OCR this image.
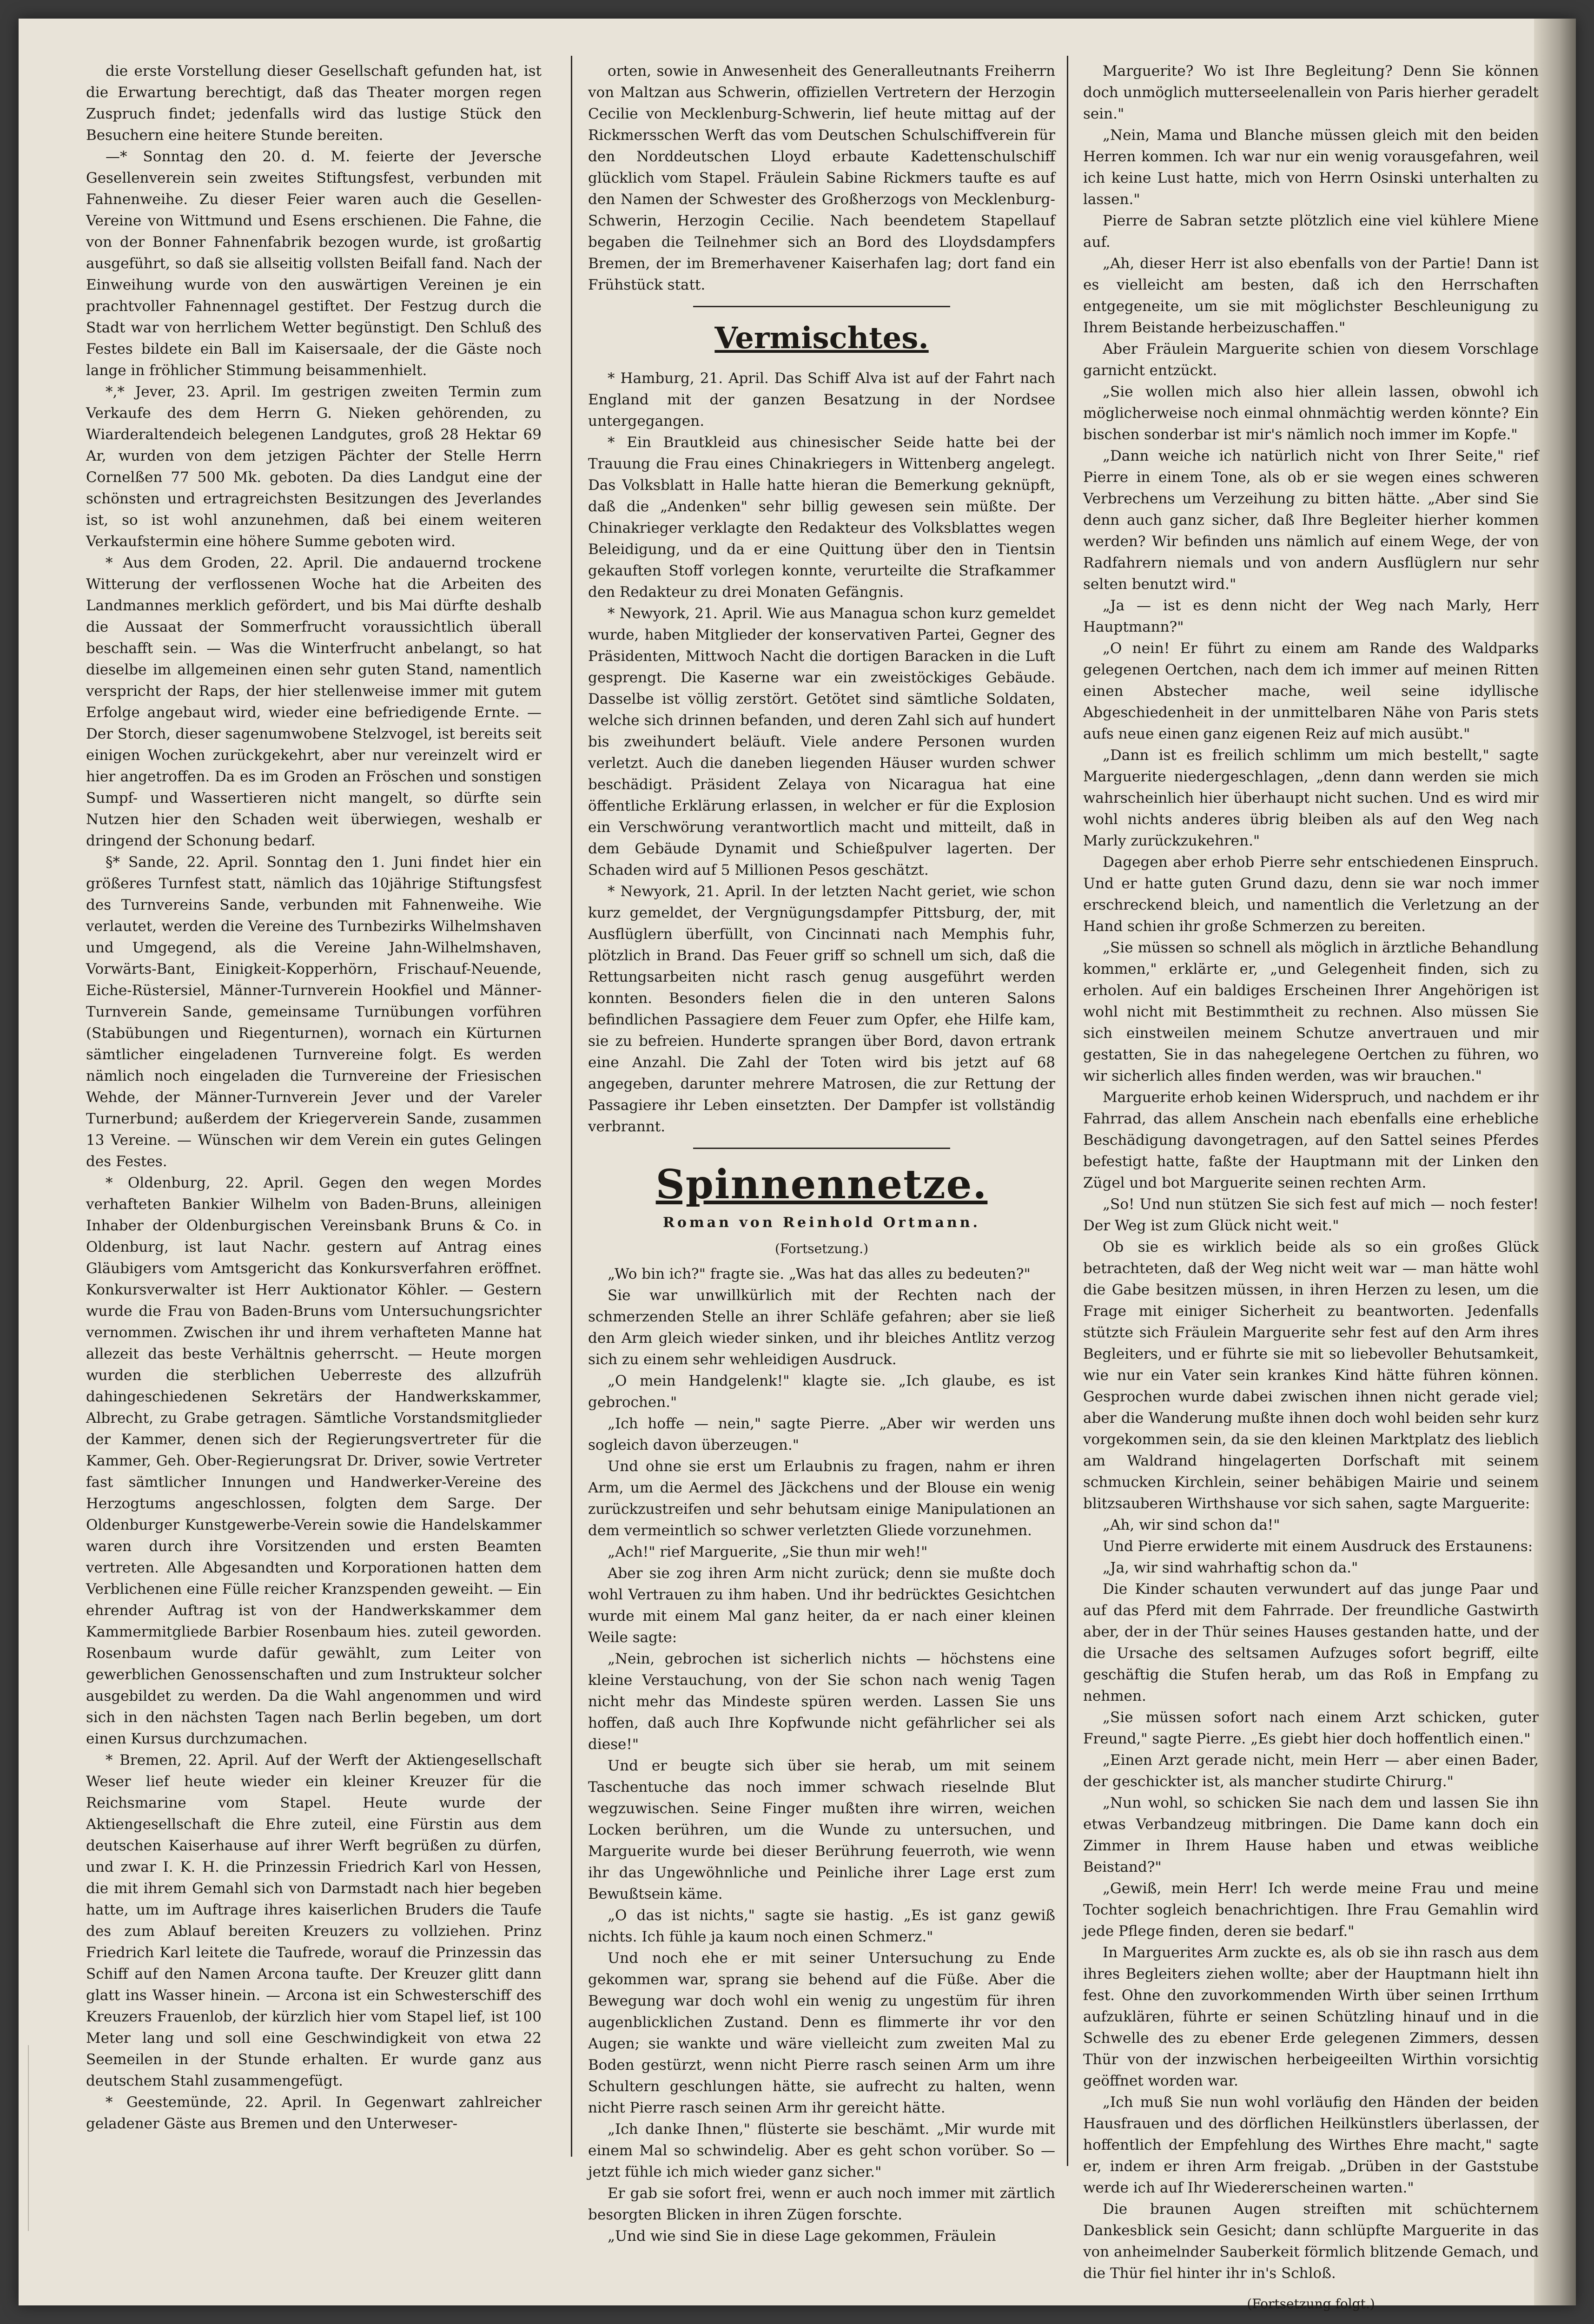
die erste Vorstellung dieser Gesellschaft gefunden hat, ist die Erwartung berechtigt, daß das Theater morgen regen Zuspruch findet; jedenfalls wird das lustige Stück den Besuchern eine heitere Stunde bereiten.

—* Sonntag den 20. d. M. feierte der Jeversche Gesellenverein sein zweites Stiftungsfest, verbunden mit Fahnenweihe. Zu dieser Feier waren auch die Gesellen-Vereine von Wittmund und Esens erschienen. Die Fahne, die von der Bonner Fahnenfabrik bezogen wurde, ist großartig ausgeführt, so daß sie allseitig vollsten Beifall fand. Nach der Einweihung wurde von den auswärtigen Vereinen je ein prachtvoller Fahnennagel gestiftet. Der Festzug durch die Stadt war von herrlichem Wetter begünstigt. Den Schluß des Festes bildete ein Ball im Kaisersaale, der die Gäste noch lange in fröhlicher Stimmung beisammenhielt.

*,* Jever, 23. April. Im gestrigen zweiten Termin zum Verkaufe des dem Herrn G. Nieken gehörenden, zu Wiarderaltendeich belegenen Landgutes, groß 28 Hektar 69 Ar, wurden von dem jetzigen Pächter der Stelle Herrn Cornelßen 77 500 Mk. geboten. Da dies Landgut eine der schönsten und ertragreichsten Besitzungen des Jeverlandes ist, so ist wohl anzunehmen, daß bei einem weiteren Verkaufstermin eine höhere Summe geboten wird.

* Aus dem Groden, 22. April. Die andauernd trockene Witterung der verflossenen Woche hat die Arbeiten des Landmannes merklich gefördert, und bis Mai dürfte deshalb die Aussaat der Sommerfrucht voraussichtlich überall beschafft sein. — Was die Winterfrucht anbelangt, so hat dieselbe im allgemeinen einen sehr guten Stand, namentlich verspricht der Raps, der hier stellenweise immer mit gutem Erfolge angebaut wird, wieder eine befriedigende Ernte. — Der Storch, dieser sagenumwobene Stelzvogel, ist bereits seit einigen Wochen zurückgekehrt, aber nur vereinzelt wird er hier angetroffen. Da es im Groden an Fröschen und sonstigen Sumpf- und Wassertieren nicht mangelt, so dürfte sein Nutzen hier den Schaden weit überwiegen, weshalb er dringend der Schonung bedarf.

§* Sande, 22. April. Sonntag den 1. Juni findet hier ein größeres Turnfest statt, nämlich das 10jährige Stiftungsfest des Turnvereins Sande, verbunden mit Fahnenweihe. Wie verlautet, werden die Vereine des Turnbezirks Wilhelmshaven und Umgegend, als die Vereine Jahn-Wilhelmshaven, Vorwärts-Bant, Einigkeit-Kopperhörn, Frischauf-Neuende, Eiche-Rüstersiel, Männer-Turnverein Hookfiel und Männer-Turnverein Sande, gemeinsame Turnübungen vorführen (Stabübungen und Riegenturnen), wornach ein Kürturnen sämtlicher eingeladenen Turnvereine folgt. Es werden nämlich noch eingeladen die Turnvereine der Friesischen Wehde, der Männer-Turnverein Jever und der Vareler Turnerbund; außerdem der Kriegerverein Sande, zusammen 13 Vereine. — Wünschen wir dem Verein ein gutes Gelingen des Festes.

* Oldenburg, 22. April. Gegen den wegen Mordes verhafteten Bankier Wilhelm von Baden-Bruns, alleinigen Inhaber der Oldenburgischen Vereinsbank Bruns & Co. in Oldenburg, ist laut Nachr. gestern auf Antrag eines Gläubigers vom Amtsgericht das Konkursverfahren eröffnet. Konkursverwalter ist Herr Auktionator Köhler. — Gestern wurde die Frau von Baden-Bruns vom Untersuchungsrichter vernommen. Zwischen ihr und ihrem verhafteten Manne hat allezeit das beste Verhältnis geherrscht. — Heute morgen wurden die sterblichen Ueberreste des allzufrüh dahingeschiedenen Sekretärs der Handwerkskammer, Albrecht, zu Grabe getragen. Sämtliche Vorstandsmitglieder der Kammer, denen sich der Regierungsvertreter für die Kammer, Geh. Ober-Regierungsrat Dr. Driver, sowie Vertreter fast sämtlicher Innungen und Handwerker-Vereine des Herzogtums angeschlossen, folgten dem Sarge. Der Oldenburger Kunstgewerbe-Verein sowie die Handelskammer waren durch ihre Vorsitzenden und ersten Beamten vertreten. Alle Abgesandten und Korporationen hatten dem Verblichenen eine Fülle reicher Kranzspenden geweiht. — Ein ehrender Auftrag ist von der Handwerkskammer dem Kammermitgliede Barbier Rosenbaum hies. zuteil geworden. Rosenbaum wurde dafür gewählt, zum Leiter von gewerblichen Genossenschaften und zum Instrukteur solcher ausgebildet zu werden. Da die Wahl angenommen und wird sich in den nächsten Tagen nach Berlin begeben, um dort einen Kursus durchzumachen.

* Bremen, 22. April. Auf der Werft der Aktiengesellschaft Weser lief heute wieder ein kleiner Kreuzer für die Reichsmarine vom Stapel. Heute wurde der Aktiengesellschaft die Ehre zuteil, eine Fürstin aus dem deutschen Kaiserhause auf ihrer Werft begrüßen zu dürfen, und zwar I. K. H. die Prinzessin Friedrich Karl von Hessen, die mit ihrem Gemahl sich von Darmstadt nach hier begeben hatte, um im Auftrage ihres kaiserlichen Bruders die Taufe des zum Ablauf bereiten Kreuzers zu vollziehen. Prinz Friedrich Karl leitete die Taufrede, worauf die Prinzessin das Schiff auf den Namen Arcona taufte. Der Kreuzer glitt dann glatt ins Wasser hinein. — Arcona ist ein Schwesterschiff des Kreuzers Frauenlob, der kürzlich hier vom Stapel lief, ist 100 Meter lang und soll eine Geschwindigkeit von etwa 22 Seemeilen in der Stunde erhalten. Er wurde ganz aus deutschem Stahl zusammengefügt.

* Geestemünde, 22. April. In Gegenwart zahlreicher geladener Gäste aus Bremen und den Unterweser-

orten, sowie in Anwesenheit des Generalleutnants Freiherrn von Maltzan aus Schwerin, offiziellen Vertretern der Herzogin Cecilie von Mecklenburg-Schwerin, lief heute mittag auf der Rickmersschen Werft das vom Deutschen Schulschiffverein für den Norddeutschen Lloyd erbaute Kadettenschulschiff glücklich vom Stapel. Fräulein Sabine Rickmers taufte es auf den Namen der Schwester des Großherzogs von Mecklenburg-Schwerin, Herzogin Cecilie. Nach beendetem Stapellauf begaben die Teilnehmer sich an Bord des Lloydsdampfers Bremen, der im Bremerhavener Kaiserhafen lag; dort fand ein Frühstück statt.

Vermischtes.

* Hamburg, 21. April. Das Schiff Alva ist auf der Fahrt nach England mit der ganzen Besatzung in der Nordsee untergegangen.

* Ein Brautkleid aus chinesischer Seide hatte bei der Trauung die Frau eines Chinakriegers in Wittenberg angelegt. Das Volksblatt in Halle hatte hieran die Bemerkung geknüpft, daß die „Andenken" sehr billig gewesen sein müßte. Der Chinakrieger verklagte den Redakteur des Volksblattes wegen Beleidigung, und da er eine Quittung über den in Tientsin gekauften Stoff vorlegen konnte, verurteilte die Strafkammer den Redakteur zu drei Monaten Gefängnis.

* Newyork, 21. April. Wie aus Managua schon kurz gemeldet wurde, haben Mitglieder der konservativen Partei, Gegner des Präsidenten, Mittwoch Nacht die dortigen Baracken in die Luft gesprengt. Die Kaserne war ein zweistöckiges Gebäude. Dasselbe ist völlig zerstört. Getötet sind sämtliche Soldaten, welche sich drinnen befanden, und deren Zahl sich auf hundert bis zweihundert beläuft. Viele andere Personen wurden verletzt. Auch die daneben liegenden Häuser wurden schwer beschädigt. Präsident Zelaya von Nicaragua hat eine öffentliche Erklärung erlassen, in welcher er für die Explosion ein Verschwörung verantwortlich macht und mitteilt, daß in dem Gebäude Dynamit und Schießpulver lagerten. Der Schaden wird auf 5 Millionen Pesos geschätzt.

* Newyork, 21. April. In der letzten Nacht geriet, wie schon kurz gemeldet, der Vergnügungsdampfer Pittsburg, der, mit Ausflüglern überfüllt, von Cincinnati nach Memphis fuhr, plötzlich in Brand. Das Feuer griff so schnell um sich, daß die Rettungsarbeiten nicht rasch genug ausgeführt werden konnten. Besonders fielen die in den unteren Salons befindlichen Passagiere dem Feuer zum Opfer, ehe Hilfe kam, sie zu befreien. Hunderte sprangen über Bord, davon ertrank eine Anzahl. Die Zahl der Toten wird bis jetzt auf 68 angegeben, darunter mehrere Matrosen, die zur Rettung der Passagiere ihr Leben einsetzten. Der Dampfer ist vollständig verbrannt.

Spinnennetze.
Roman von Reinhold Ortmann.
(Fortsetzung.)

„Wo bin ich?" fragte sie. „Was hat das alles zu bedeuten?"

Sie war unwillkürlich mit der Rechten nach der schmerzenden Stelle an ihrer Schläfe gefahren; aber sie ließ den Arm gleich wieder sinken, und ihr bleiches Antlitz verzog sich zu einem sehr wehleidigen Ausdruck.

„O mein Handgelenk!" klagte sie. „Ich glaube, es ist gebrochen."

„Ich hoffe — nein," sagte Pierre. „Aber wir werden uns sogleich davon überzeugen."

Und ohne sie erst um Erlaubnis zu fragen, nahm er ihren Arm, um die Aermel des Jäckchens und der Blouse ein wenig zurückzustreifen und sehr behutsam einige Manipulationen an dem vermeintlich so schwer verletzten Gliede vorzunehmen.

„Ach!" rief Marguerite, „Sie thun mir weh!"

Aber sie zog ihren Arm nicht zurück; denn sie mußte doch wohl Vertrauen zu ihm haben. Und ihr bedrücktes Gesichtchen wurde mit einem Mal ganz heiter, da er nach einer kleinen Weile sagte:

„Nein, gebrochen ist sicherlich nichts — höchstens eine kleine Verstauchung, von der Sie schon nach wenig Tagen nicht mehr das Mindeste spüren werden. Lassen Sie uns hoffen, daß auch Ihre Kopfwunde nicht gefährlicher sei als diese!"

Und er beugte sich über sie herab, um mit seinem Taschentuche das noch immer schwach rieselnde Blut wegzuwischen. Seine Finger mußten ihre wirren, weichen Locken berühren, um die Wunde zu untersuchen, und Marguerite wurde bei dieser Berührung feuerroth, wie wenn ihr das Ungewöhnliche und Peinliche ihrer Lage erst zum Bewußtsein käme.

„O das ist nichts," sagte sie hastig. „Es ist ganz gewiß nichts. Ich fühle ja kaum noch einen Schmerz."

Und noch ehe er mit seiner Untersuchung zu Ende gekommen war, sprang sie behend auf die Füße. Aber die Bewegung war doch wohl ein wenig zu ungestüm für ihren augenblicklichen Zustand. Denn es flimmerte ihr vor den Augen; sie wankte und wäre vielleicht zum zweiten Mal zu Boden gestürzt, wenn nicht Pierre rasch seinen Arm um ihre Schultern geschlungen hätte, sie aufrecht zu halten, wenn nicht Pierre rasch seinen Arm ihr gereicht hätte.

„Ich danke Ihnen," flüsterte sie beschämt. „Mir wurde mit einem Mal so schwindelig. Aber es geht schon vorüber. So — jetzt fühle ich mich wieder ganz sicher."

Er gab sie sofort frei, wenn er auch noch immer mit zärtlich besorgten Blicken in ihren Zügen forschte.

„Und wie sind Sie in diese Lage gekommen, Fräulein

Marguerite? Wo ist Ihre Begleitung? Denn Sie können doch unmöglich mutterseelenallein von Paris hierher geradelt sein."

„Nein, Mama und Blanche müssen gleich mit den beiden Herren kommen. Ich war nur ein wenig vorausgefahren, weil ich keine Lust hatte, mich von Herrn Osinski unterhalten zu lassen."

Pierre de Sabran setzte plötzlich eine viel kühlere Miene auf.

„Ah, dieser Herr ist also ebenfalls von der Partie! Dann ist es vielleicht am besten, daß ich den Herrschaften entgegeneite, um sie mit möglichster Beschleunigung zu Ihrem Beistande herbeizuschaffen."

Aber Fräulein Marguerite schien von diesem Vorschlage garnicht entzückt.

„Sie wollen mich also hier allein lassen, obwohl ich möglicherweise noch einmal ohnmächtig werden könnte? Ein bischen sonderbar ist mir's nämlich noch immer im Kopfe."

„Dann weiche ich natürlich nicht von Ihrer Seite," rief Pierre in einem Tone, als ob er sie wegen eines schweren Verbrechens um Verzeihung zu bitten hätte. „Aber sind Sie denn auch ganz sicher, daß Ihre Begleiter hierher kommen werden? Wir befinden uns nämlich auf einem Wege, der von Radfahrern niemals und von andern Ausflüglern nur sehr selten benutzt wird."

„Ja — ist es denn nicht der Weg nach Marly, Herr Hauptmann?"

„O nein! Er führt zu einem am Rande des Waldparks gelegenen Oertchen, nach dem ich immer auf meinen Ritten einen Abstecher mache, weil seine idyllische Abgeschiedenheit in der unmittelbaren Nähe von Paris stets aufs neue einen ganz eigenen Reiz auf mich ausübt."

„Dann ist es freilich schlimm um mich bestellt," sagte Marguerite niedergeschlagen, „denn dann werden sie mich wahrscheinlich hier überhaupt nicht suchen. Und es wird mir wohl nichts anderes übrig bleiben als auf den Weg nach Marly zurückzukehren."

Dagegen aber erhob Pierre sehr entschiedenen Einspruch. Und er hatte guten Grund dazu, denn sie war noch immer erschreckend bleich, und namentlich die Verletzung an der Hand schien ihr große Schmerzen zu bereiten.

„Sie müssen so schnell als möglich in ärztliche Behandlung kommen," erklärte er, „und Gelegenheit finden, sich zu erholen. Auf ein baldiges Erscheinen Ihrer Angehörigen ist wohl nicht mit Bestimmtheit zu rechnen. Also müssen Sie sich einstweilen meinem Schutze anvertrauen und mir gestatten, Sie in das nahegelegene Oertchen zu führen, wo wir sicherlich alles finden werden, was wir brauchen."

Marguerite erhob keinen Widerspruch, und nachdem er ihr Fahrrad, das allem Anschein nach ebenfalls eine erhebliche Beschädigung davongetragen, auf den Sattel seines Pferdes befestigt hatte, faßte der Hauptmann mit der Linken den Zügel und bot Marguerite seinen rechten Arm.

„So! Und nun stützen Sie sich fest auf mich — noch fester! Der Weg ist zum Glück nicht weit."

Ob sie es wirklich beide als so ein großes Glück betrachteten, daß der Weg nicht weit war — man hätte wohl die Gabe besitzen müssen, in ihren Herzen zu lesen, um die Frage mit einiger Sicherheit zu beantworten. Jedenfalls stützte sich Fräulein Marguerite sehr fest auf den Arm ihres Begleiters, und er führte sie mit so liebevoller Behutsamkeit, wie nur ein Vater sein krankes Kind hätte führen können. Gesprochen wurde dabei zwischen ihnen nicht gerade viel; aber die Wanderung mußte ihnen doch wohl beiden sehr kurz vorgekommen sein, da sie den kleinen Marktplatz des lieblich am Waldrand hingelagerten Dorfschaft mit seinem schmucken Kirchlein, seiner behäbigen Mairie und seinem blitzsauberen Wirthshause vor sich sahen, sagte Marguerite:

„Ah, wir sind schon da!"

Und Pierre erwiderte mit einem Ausdruck des Erstaunens:

„Ja, wir sind wahrhaftig schon da."

Die Kinder schauten verwundert auf das junge Paar und auf das Pferd mit dem Fahrrade. Der freundliche Gastwirth aber, der in der Thür seines Hauses gestanden hatte, und der die Ursache des seltsamen Aufzuges sofort begriff, eilte geschäftig die Stufen herab, um das Roß in Empfang zu nehmen.

„Sie müssen sofort nach einem Arzt schicken, guter Freund," sagte Pierre. „Es giebt hier doch hoffentlich einen."

„Einen Arzt gerade nicht, mein Herr — aber einen Bader, der geschickter ist, als mancher studirte Chirurg."

„Nun wohl, so schicken Sie nach dem und lassen Sie ihn etwas Verbandzeug mitbringen. Die Dame kann doch ein Zimmer in Ihrem Hause haben und etwas weibliche Beistand?"

„Gewiß, mein Herr! Ich werde meine Frau und meine Tochter sogleich benachrichtigen. Ihre Frau Gemahlin wird jede Pflege finden, deren sie bedarf."

In Marguerites Arm zuckte es, als ob sie ihn rasch aus dem ihres Begleiters ziehen wollte; aber der Hauptmann hielt ihn fest. Ohne den zuvorkommenden Wirth über seinen Irrthum aufzuklären, führte er seinen Schützling hinauf und in die Schwelle des zu ebener Erde gelegenen Zimmers, dessen Thür von der inzwischen herbeigeeilten Wirthin vorsichtig geöffnet worden war.

„Ich muß Sie nun wohl vorläufig den Händen der beiden Hausfrauen und des dörflichen Heilkünstlers überlassen, der hoffentlich der Empfehlung des Wirthes Ehre macht," sagte er, indem er ihren Arm freigab. „Drüben in der Gaststube werde ich auf Ihr Wiedererscheinen warten."

Die braunen Augen streiften mit schüchternem Dankesblick sein Gesicht; dann schlüpfte Marguerite in das von anheimelnder Sauberkeit förmlich blitzende Gemach, und die Thür fiel hinter ihr in's Schloß.

(Fortsetzung folgt.)
